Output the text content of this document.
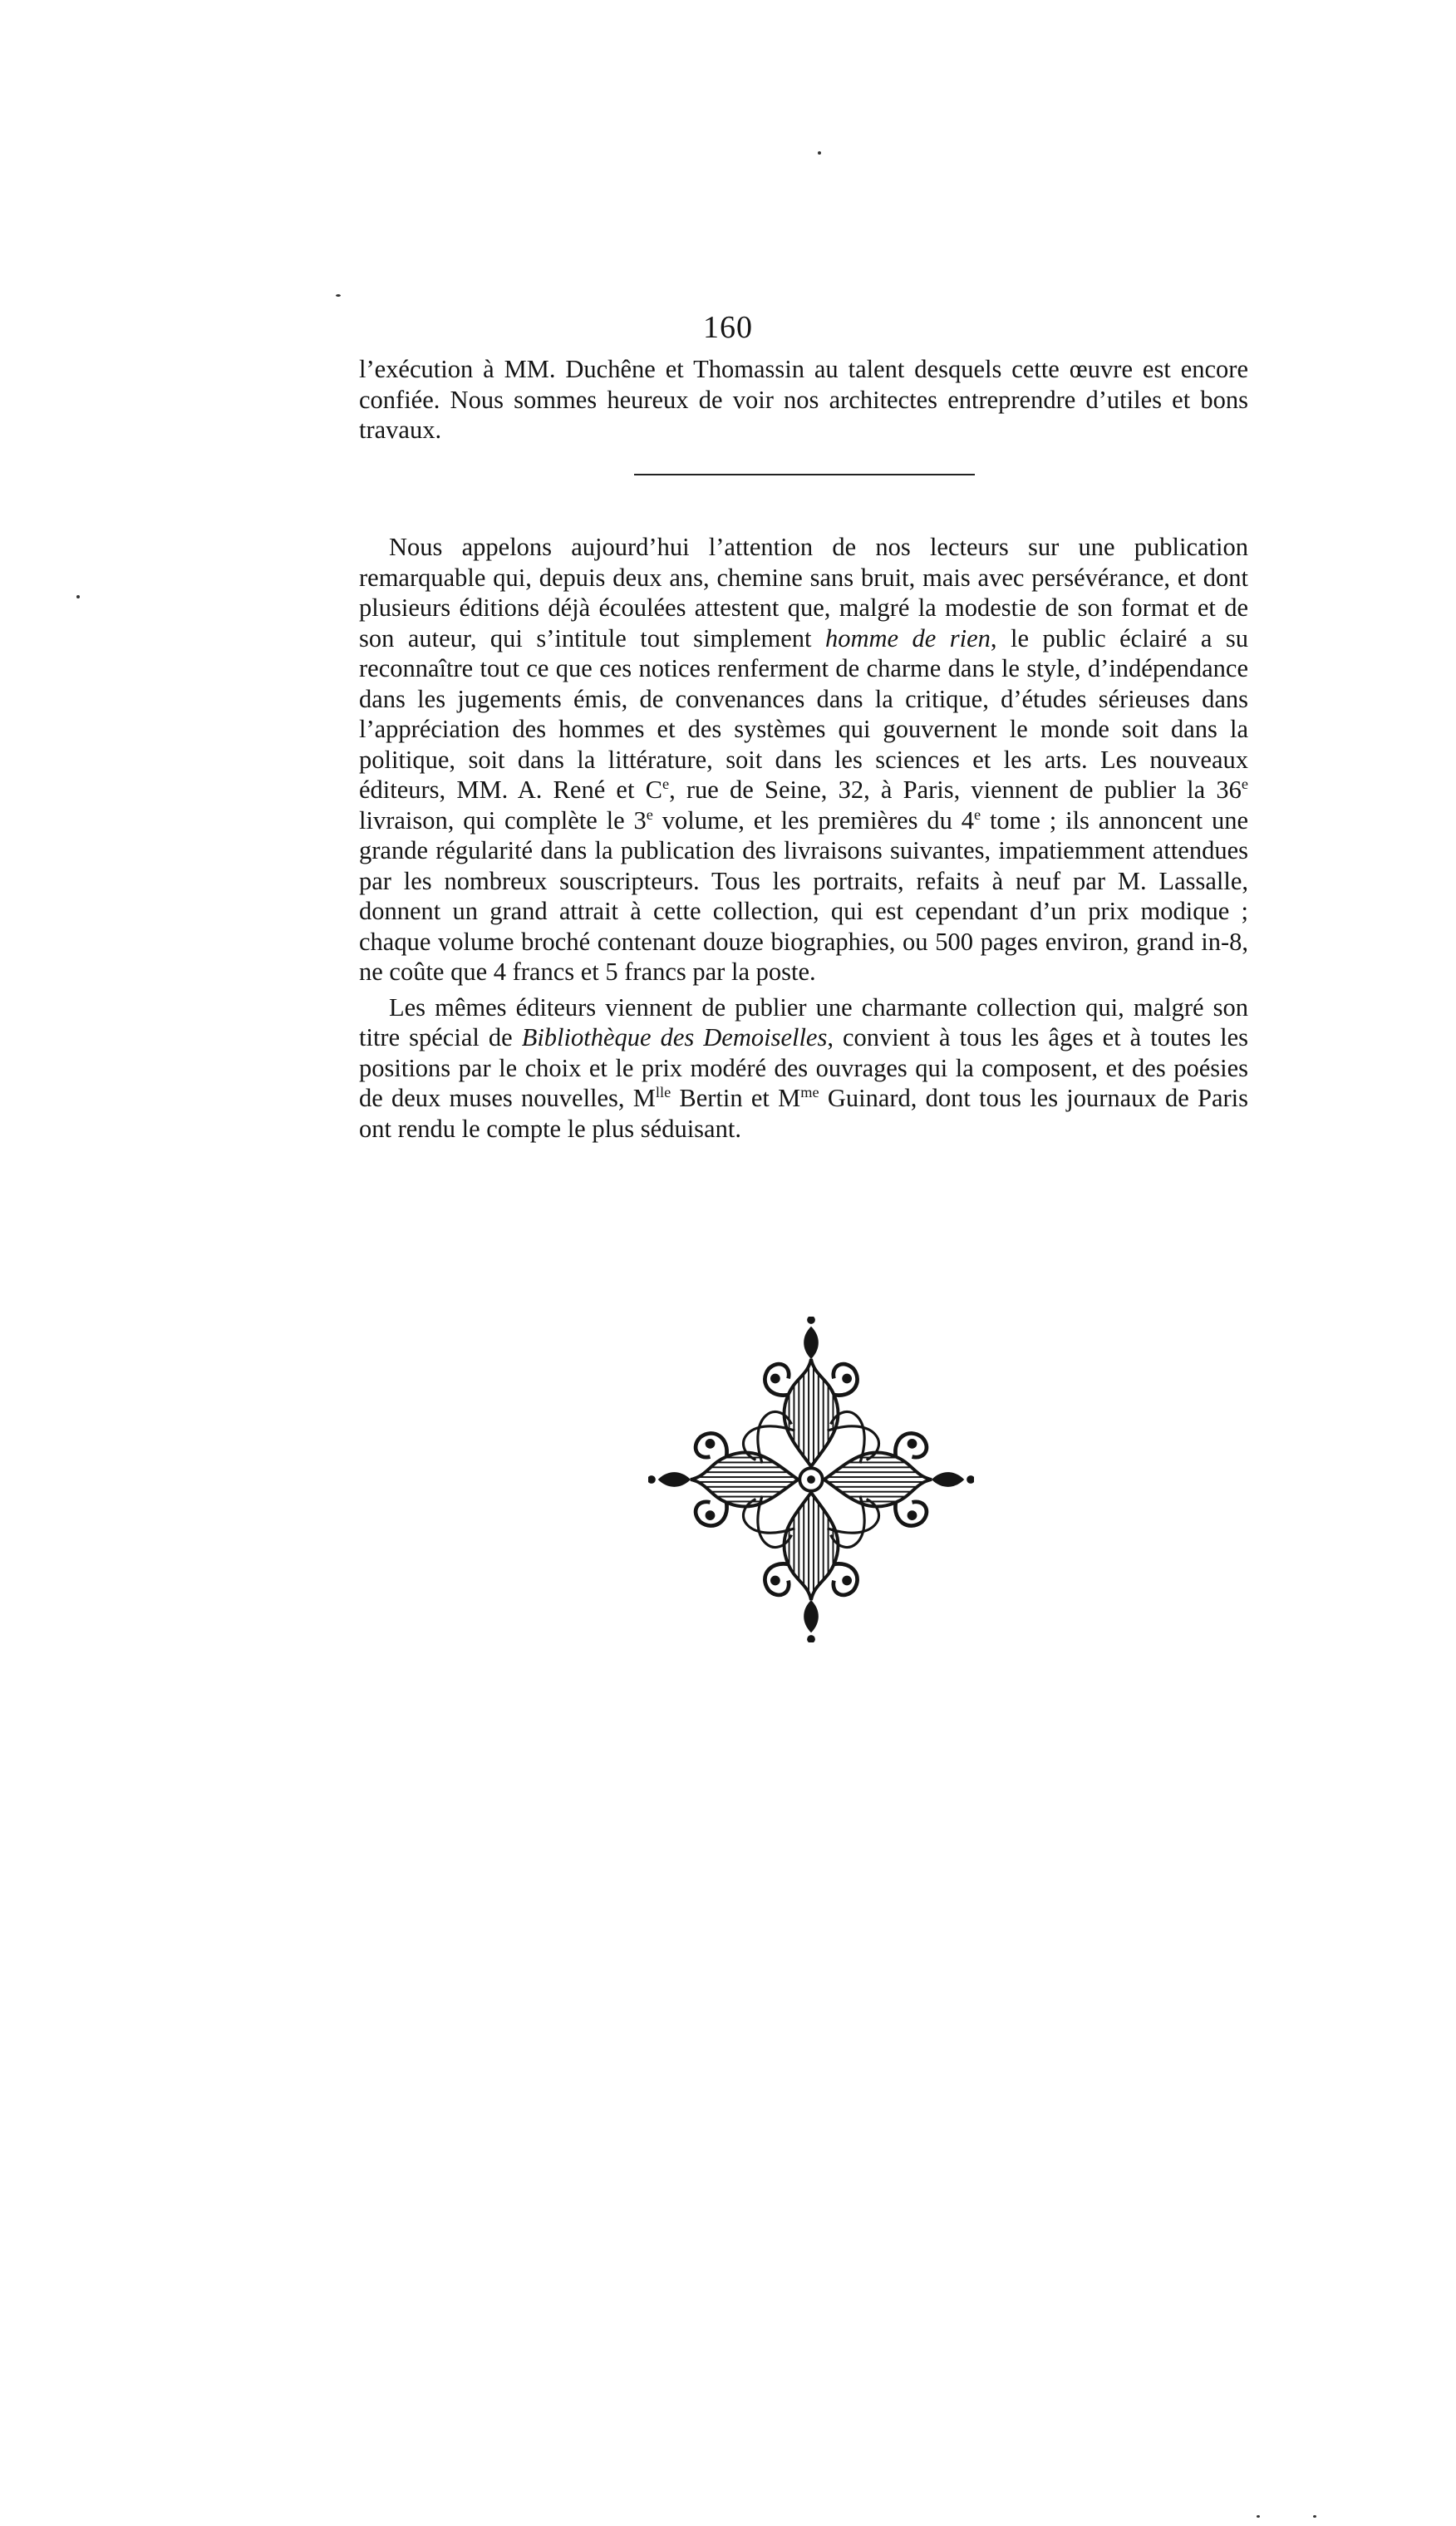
160

l’exécution à MM. Duchêne et Thomassin au talent desquels cette œuvre est encore confiée. Nous sommes heureux de voir nos architectes entreprendre d’utiles et bons travaux.

Nous appelons aujourd’hui l’attention de nos lecteurs sur une publication remarquable qui, depuis deux ans, chemine sans bruit, mais avec persévérance, et dont plusieurs éditions déjà écoulées attestent que, malgré la modestie de son format et de son auteur, qui s’intitule tout simplement homme de rien, le public éclairé a su reconnaître tout ce que ces notices renferment de charme dans le style, d’indépendance dans les jugements émis, de convenances dans la critique, d’études sérieuses dans l’appréciation des hommes et des systèmes qui gouvernent le monde soit dans la politique, soit dans la littérature, soit dans les sciences et les arts. Les nouveaux éditeurs, MM. A. René et Ce, rue de Seine, 32, à Paris, viennent de publier la 36e livraison, qui complète le 3e volume, et les premières du 4e tome ; ils annoncent une grande régularité dans la publication des livraisons suivantes, impatiemment attendues par les nombreux souscripteurs. Tous les portraits, refaits à neuf par M. Lassalle, donnent un grand attrait à cette collection, qui est cependant d’un prix modique ; chaque volume broché contenant douze biographies, ou 500 pages environ, grand in-8, ne coûte que 4 francs et 5 francs par la poste.

Les mêmes éditeurs viennent de publier une charmante collection qui, malgré son titre spécial de Bibliothèque des Demoiselles, convient à tous les âges et à toutes les positions par le choix et le prix modéré des ouvrages qui la composent, et des poésies de deux muses nouvelles, $M^{lle}$ Bertin et $M^{me}$ Guinard, dont tous les journaux de Paris ont rendu le compte le plus séduisant.
